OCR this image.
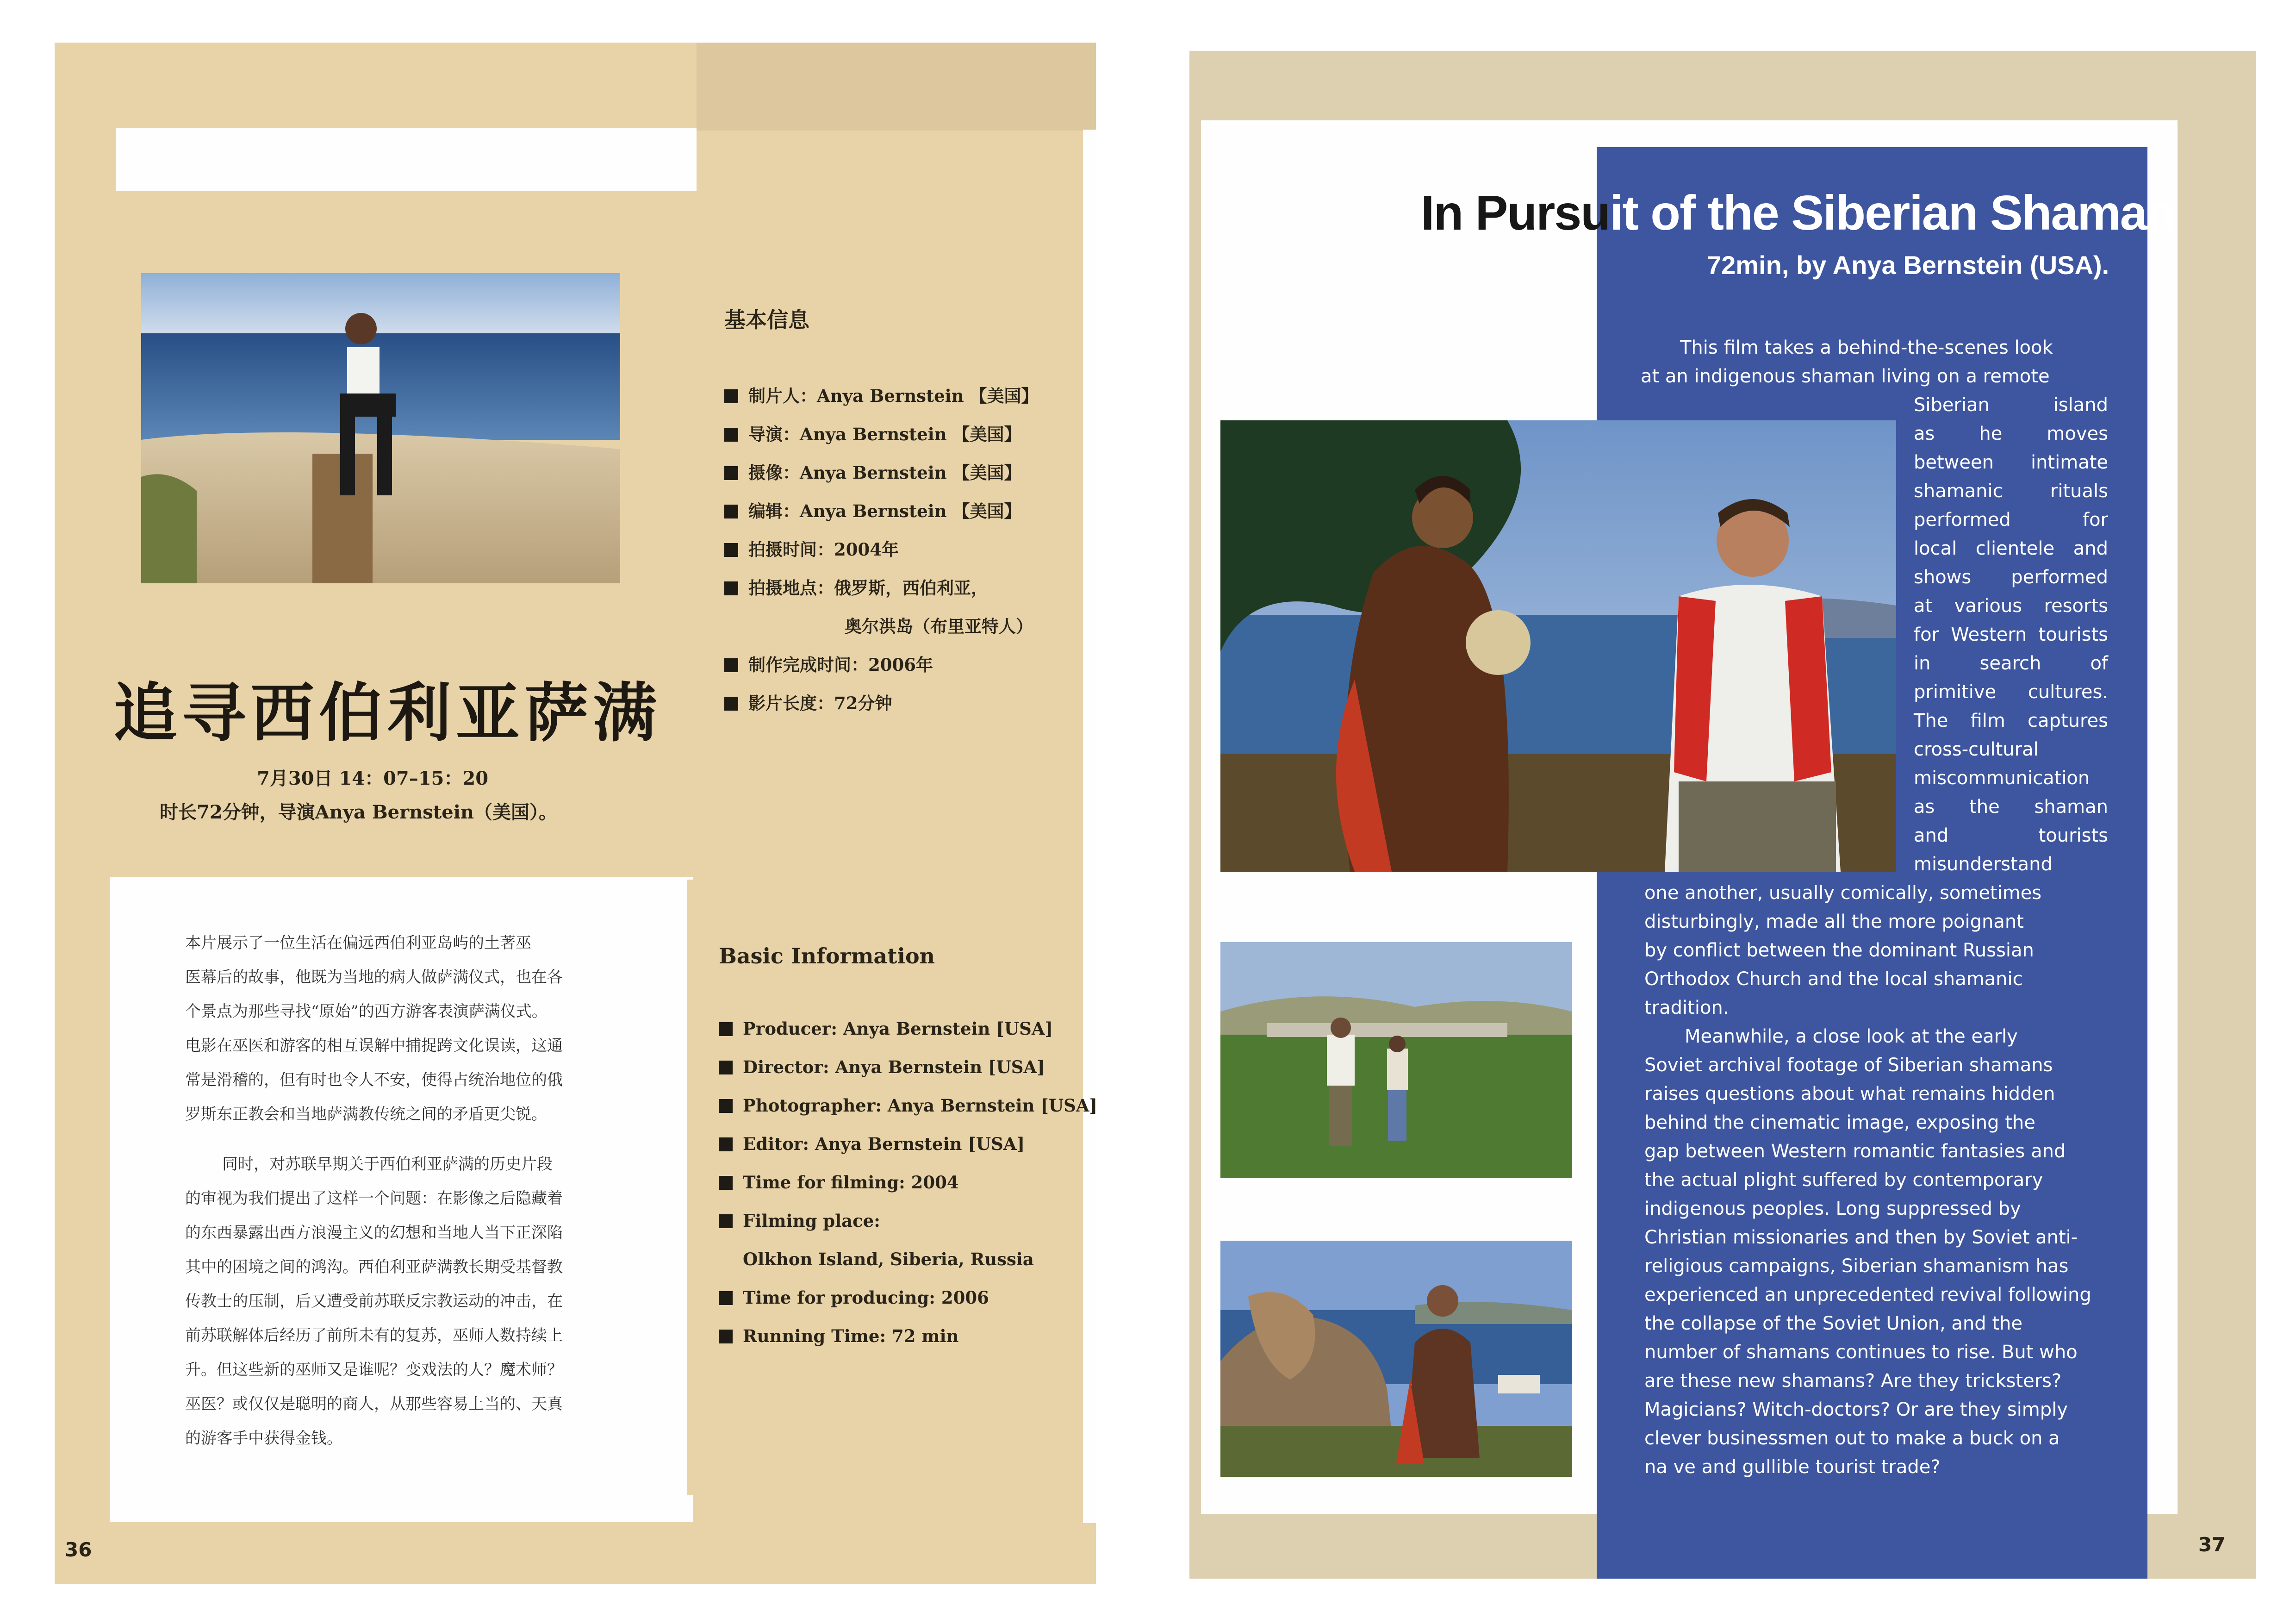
追寻西伯利亚萨满
7月30日 14：07–15：20
时长72分钟，导演Anya Bernstein（美国）。
基本信息
制片人：Anya Bernstein 【美国】
导演：Anya Bernstein 【美国】
摄像：Anya Bernstein 【美国】
编辑：Anya Bernstein 【美国】
拍摄时间：2004年
拍摄地点：俄罗斯，西伯利亚，
奥尔洪岛（布里亚特人）
制作完成时间：2006年
影片长度：72分钟
本片展示了一位生活在偏远西伯利亚岛屿的土著巫
医幕后的故事，他既为当地的病人做萨满仪式，也在各
个景点为那些寻找“原始”的西方游客表演萨满仪式。
电影在巫医和游客的相互误解中捕捉跨文化误读，这通
常是滑稽的，但有时也令人不安，使得占统治地位的俄
罗斯东正教会和当地萨满教传统之间的矛盾更尖锐。
同时，对苏联早期关于西伯利亚萨满的历史片段
的审视为我们提出了这样一个问题：在影像之后隐藏着
的东西暴露出西方浪漫主义的幻想和当地人当下正深陷
其中的困境之间的鸿沟。西伯利亚萨满教长期受基督教
传教士的压制，后又遭受前苏联反宗教运动的冲击，在
前苏联解体后经历了前所未有的复苏，巫师人数持续上
升。但这些新的巫师又是谁呢？变戏法的人？魔术师？
巫医？或仅仅是聪明的商人，从那些容易上当的、天真
的游客手中获得金钱。
Basic Information
Producer: Anya Bernstein [USA]
Director: Anya Bernstein [USA]
Photographer: Anya Bernstein [USA]
Editor: Anya Bernstein [USA]
Time for filming: 2004
Filming place:
Olkhon Island, Siberia, Russia
Time for producing: 2006
Running Time: 72 min
36
In Pursuit of the Siberian Shaman
72min, by Anya Bernstein (USA).
This film takes a behind-the-scenes look
at an indigenous shaman living on a remote
Siberian island
as he moves
between intimate
shamanic rituals
performed for
local clientele and
shows performed
at various resorts
for Western tourists
in search of
primitive cultures.
The film captures
cross-cultural
miscommunication
as the shaman
and tourists
misunderstand
one another, usually comically, sometimes
disturbingly, made all the more poignant
by conflict between the dominant Russian
Orthodox Church and the local shamanic
tradition.
Meanwhile, a close look at the early
Soviet archival footage of Siberian shamans
raises questions about what remains hidden
behind the cinematic image, exposing the
gap between Western romantic fantasies and
the actual plight suffered by contemporary
indigenous peoples. Long suppressed by
Christian missionaries and then by Soviet anti-
religious campaigns, Siberian shamanism has
experienced an unprecedented revival following
the collapse of the Soviet Union, and the
number of shamans continues to rise. But who
are these new shamans? Are they tricksters?
Magicians? Witch-doctors? Or are they simply
clever businessmen out to make a buck on a
na ve and gullible tourist trade?
37
